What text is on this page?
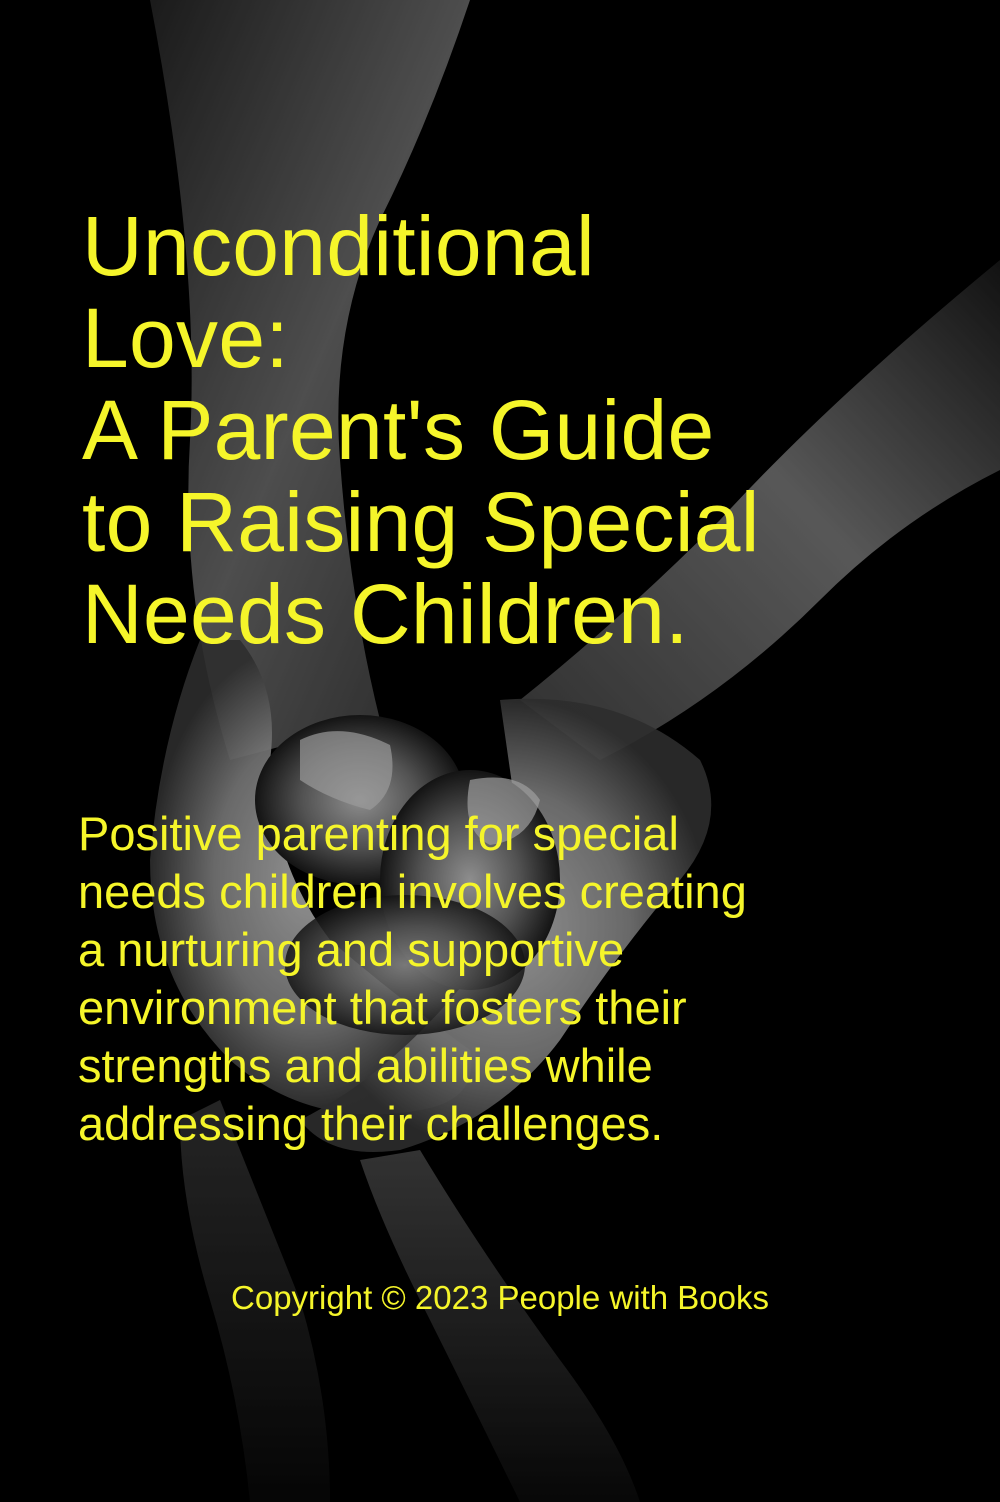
Unconditional
Love:
A Parent's Guide
to Raising Special
Needs Children.

Positive parenting for special
needs children involves creating
a nurturing and supportive
environment that fosters their
strengths and abilities while
addressing their challenges.

Copyright © 2023 People with Books
